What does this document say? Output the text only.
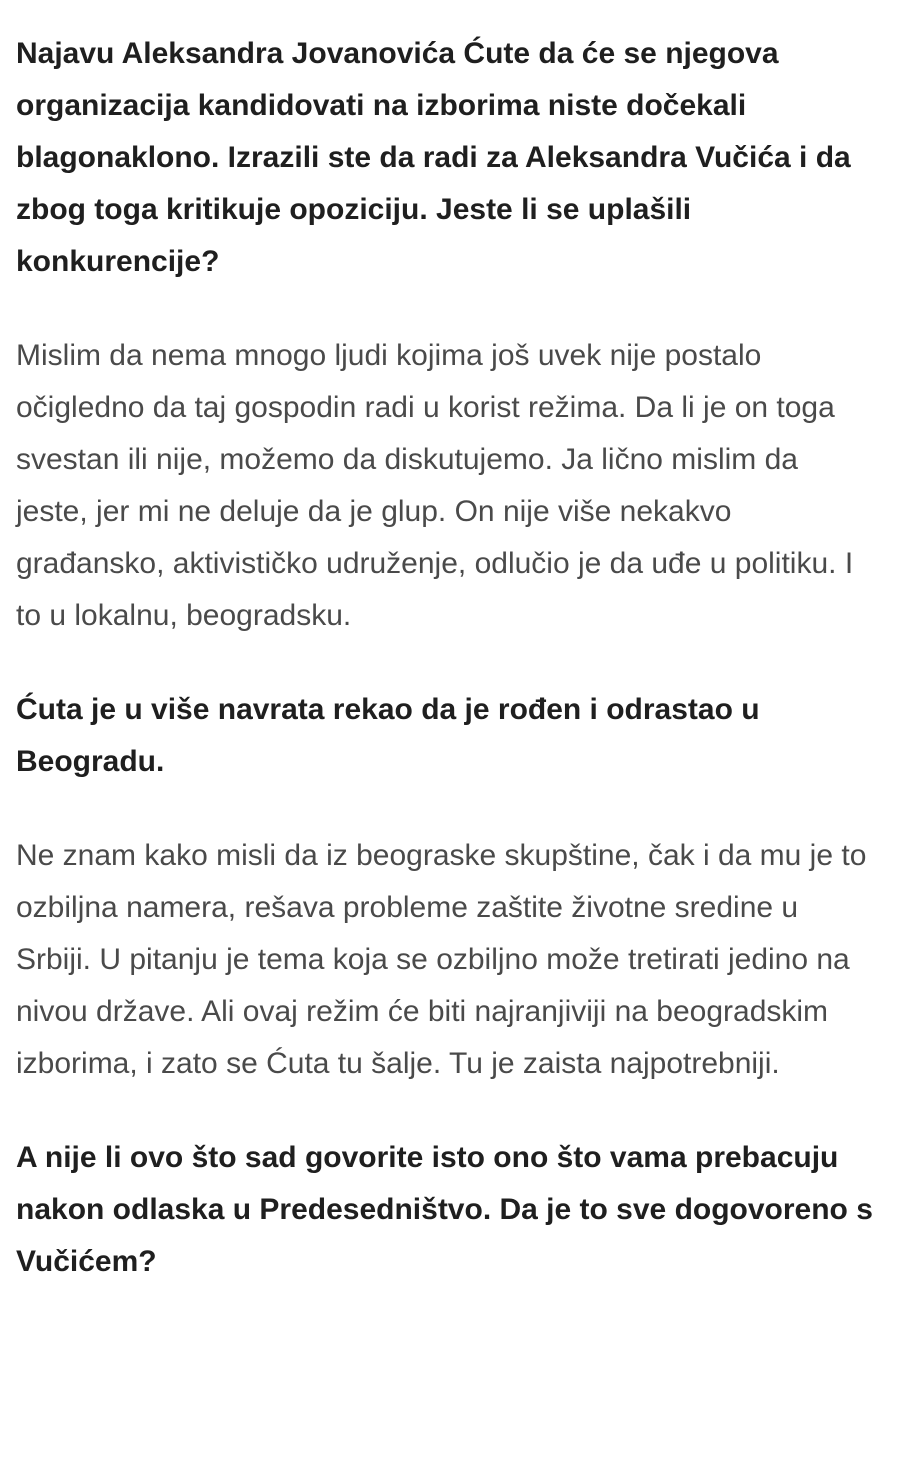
Najavu Aleksandra Jovanovića Ćute da će se njegova organizacija kandidovati na izborima niste dočekali blagonaklono. Izrazili ste da radi za Aleksandra Vučića i da zbog toga kritikuje opoziciju. Jeste li se uplašili konkurencije?

Mislim da nema mnogo ljudi kojima još uvek nije postalo očigledno da taj gospodin radi u korist režima. Da li je on toga svestan ili nije, možemo da diskutujemo. Ja lično mislim da jeste, jer mi ne deluje da je glup. On nije više nekakvo građansko, aktivističko udruženje, odlučio je da uđe u politiku. I to u lokalnu, beogradsku.

Ćuta je u više navrata rekao da je rođen i odrastao u Beogradu.

Ne znam kako misli da iz beograske skupštine, čak i da mu je to ozbiljna namera, rešava probleme zaštite životne sredine u Srbiji. U pitanju je tema koja se ozbiljno može tretirati jedino na nivou države. Ali ovaj režim će biti najranjiviji na beogradskim izborima, i zato se Ćuta tu šalje. Tu je zaista najpotrebniji.

A nije li ovo što sad govorite isto ono što vama prebacuju nakon odlaska u Predesedništvo. Da je to sve dogovoreno s Vučićem?
